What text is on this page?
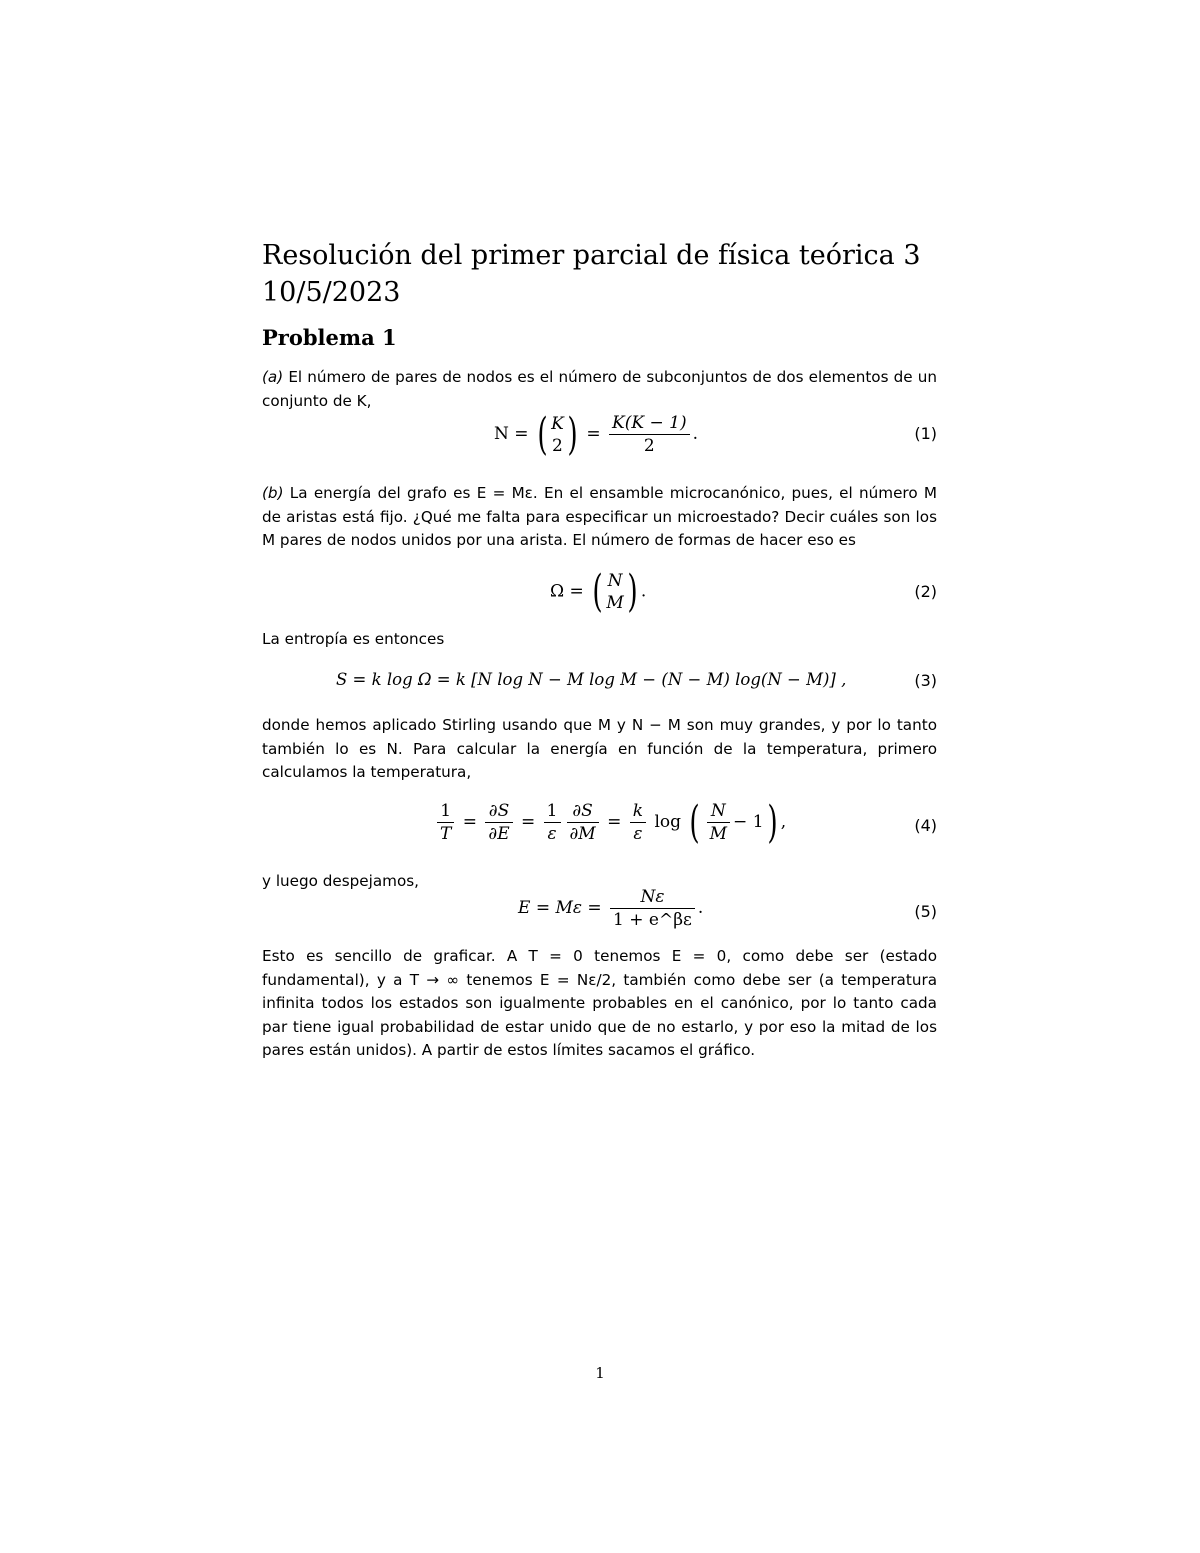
Resolución del primer parcial de física teórica 3
10/5/2023
Problema 1
(a) El número de pares de nodos es el número de subconjuntos de dos elementos de un conjunto de K,
N = ( K
2 ) = $\frac{K(K - 1)}{2}$ .	(1)
(b) La energía del grafo es E = Mε. En el ensamble microcanónico, pues, el número M de aristas está fijo. ¿Qué me falta para especificar un microestado? Decir cuáles son los M pares de nodos unidos por una arista. El número de formas de hacer eso es
Ω = ( N
M ) .	(2)
La entropía es entonces
S = k log Ω = k [N log N − M log M − (N − M) log(N − M)] ,	(3)
donde hemos aplicado Stirling usando que M y N − M son muy grandes, y por lo tanto también lo es N. Para calcular la energía en función de la temperatura, primero calculamos la temperatura,
$\frac{1}{T} = \frac{\partial S}{\partial E} = \frac{1}{\varepsilon} \frac{\partial S}{\partial M} = \frac{k}{\varepsilon}$ log ( $\frac{N}{M} - 1$) ,	(4)
y luego despejamos,
$E = M\varepsilon = \frac{N\varepsilon}{1 + e\^{}\beta\varepsilon}$ .	(5)
Esto es sencillo de graficar. A T = 0 tenemos E = 0, como debe ser (estado fundamental), y a T → ∞ tenemos E = Nε/2, también como debe ser (a temperatura infinita todos los estados son igualmente probables en el canónico, por lo tanto cada par tiene igual probabilidad de estar unido que de no estarlo, y por eso la mitad de los pares están unidos). A partir de estos límites sacamos el gráfico.
1
